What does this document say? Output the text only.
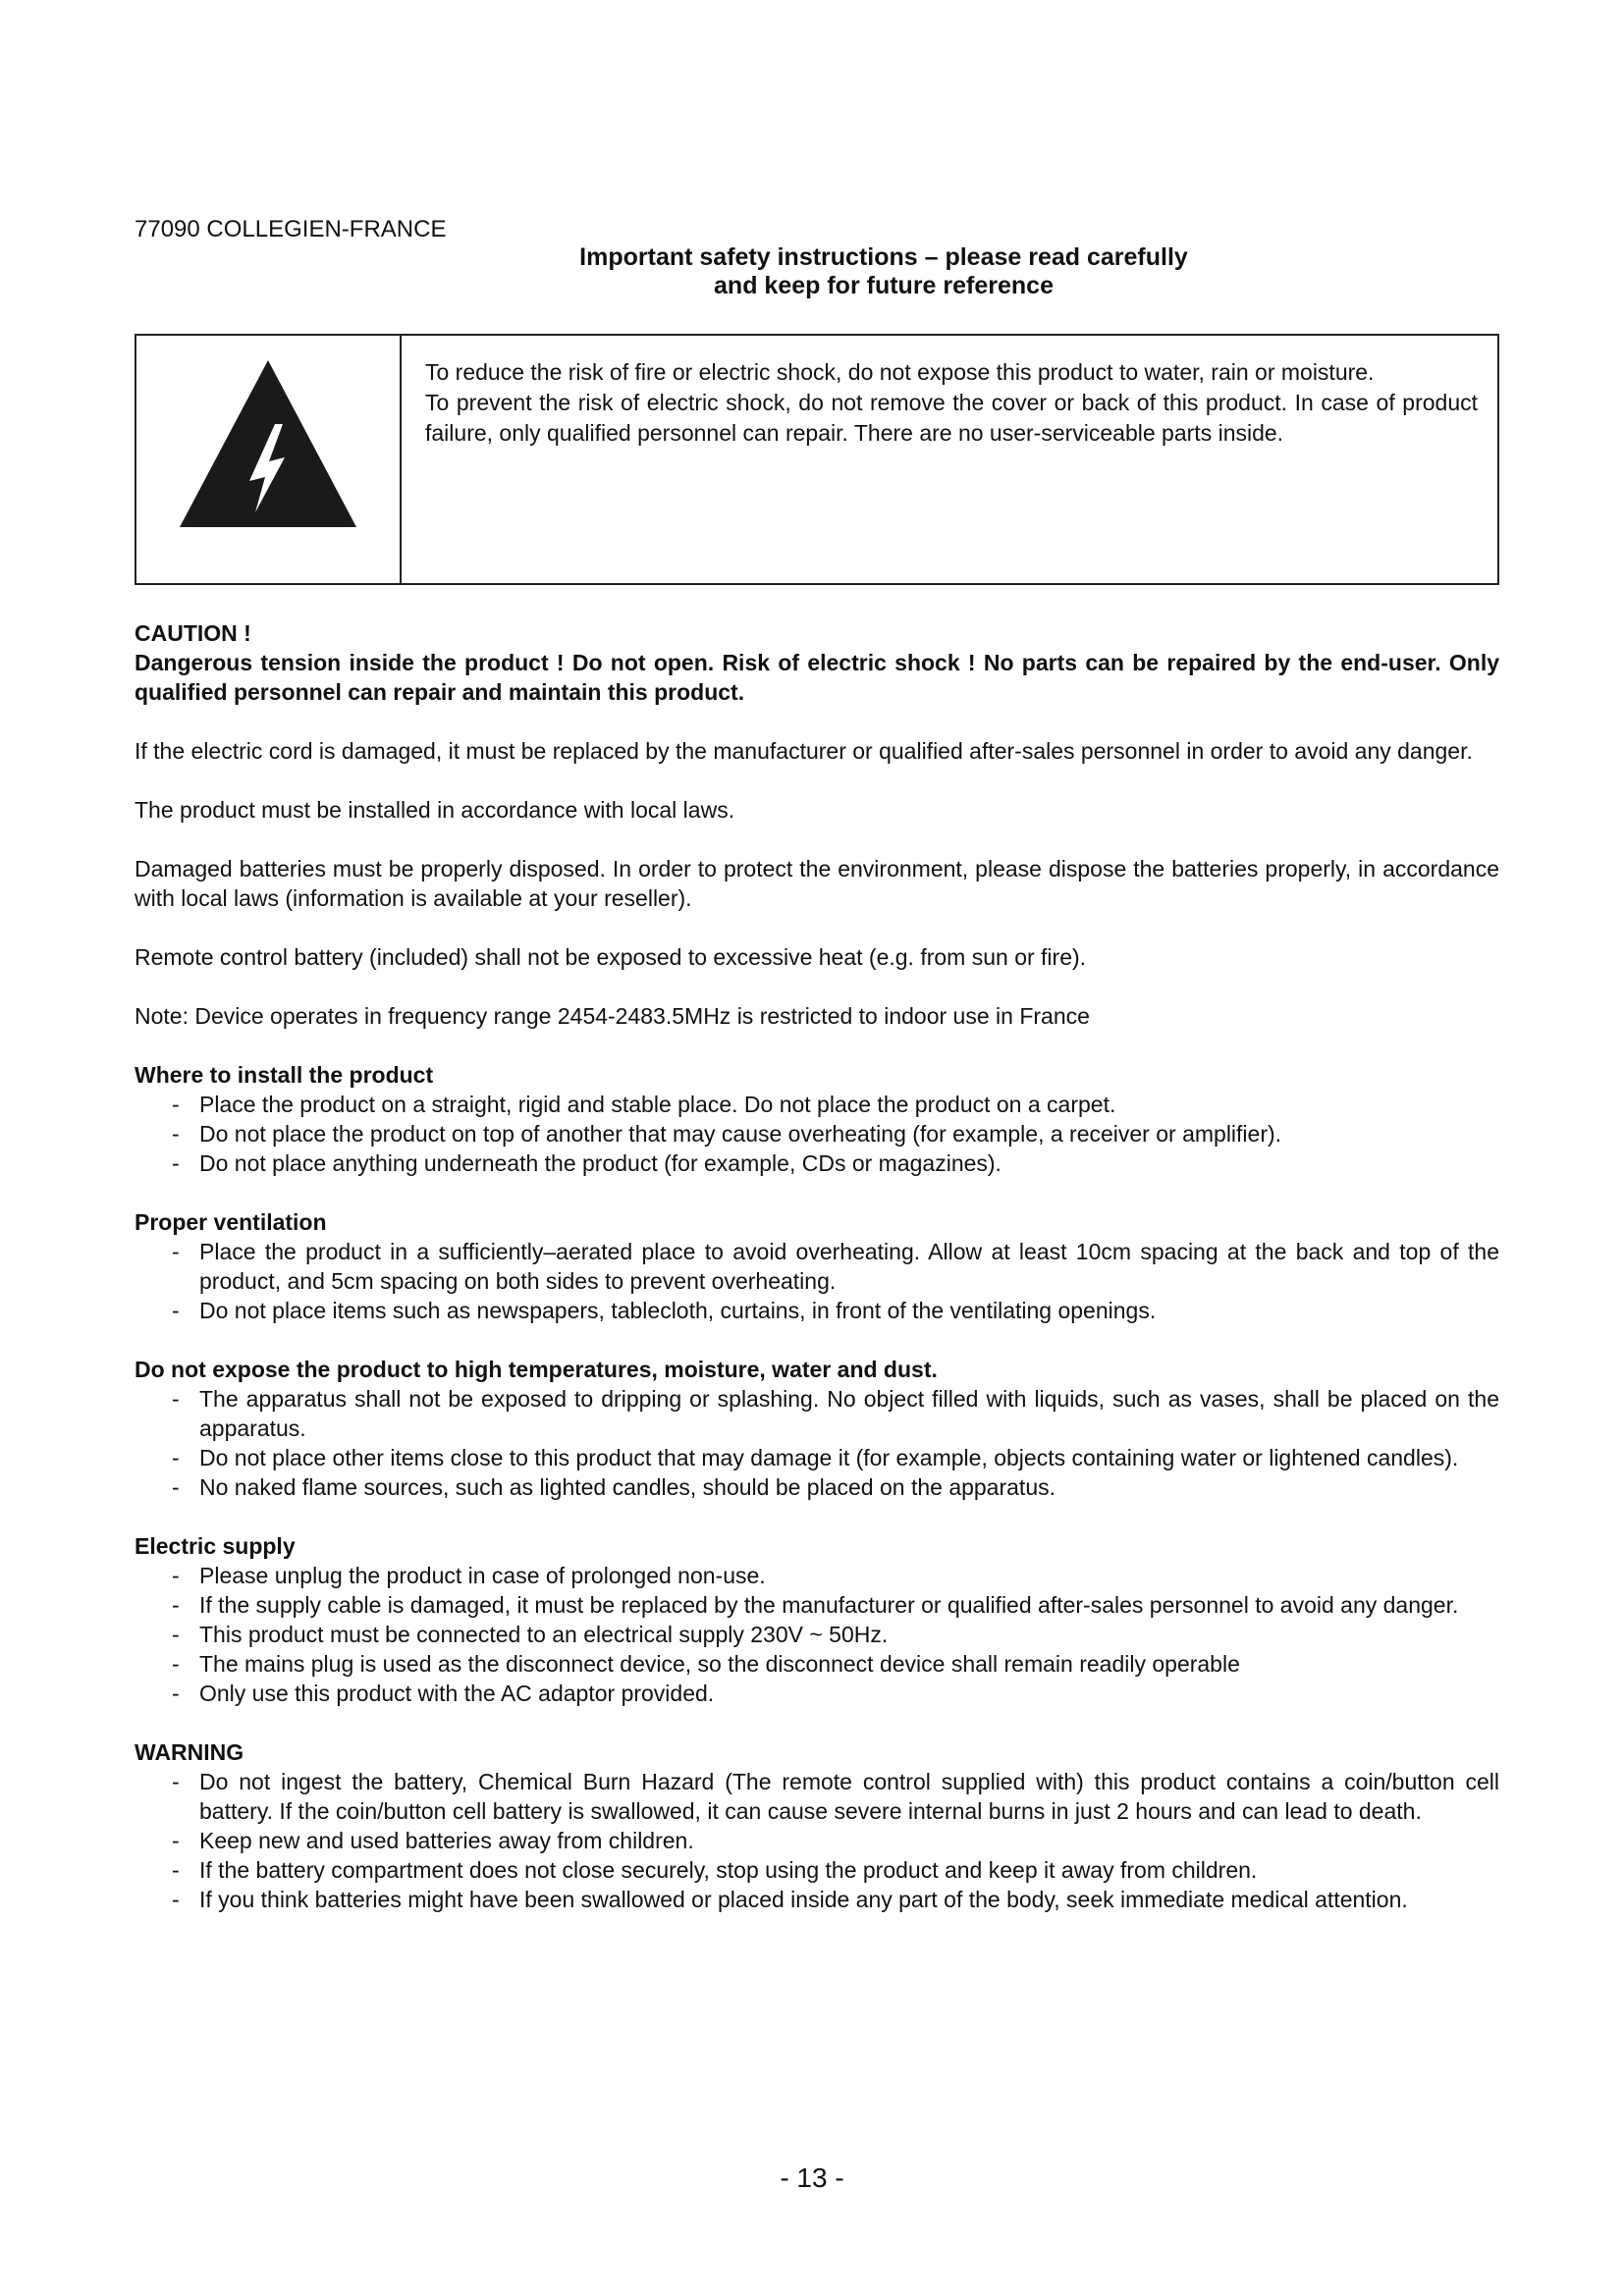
77090 COLLEGIEN-FRANCE

Important safety instructions – please read carefully

and keep for future reference

To reduce the risk of fire or electric shock, do not expose this product to water, rain or moisture.

To prevent the risk of electric shock, do not remove the cover or back of this product. In case of product failure, only qualified personnel can repair. There are no user-serviceable parts inside.

CAUTION !

Dangerous tension inside the product ! Do not open. Risk of electric shock ! No parts can be repaired by the end-user. Only qualified personnel can repair and maintain this product.

If the electric cord is damaged, it must be replaced by the manufacturer or qualified after-sales personnel in order to avoid any danger.

The product must be installed in accordance with local laws.

Damaged batteries must be properly disposed. In order to protect the environment, please dispose the batteries properly, in accordance with local laws (information is available at your reseller).

Remote control battery (included) shall not be exposed to excessive heat (e.g. from sun or fire).

Note: Device operates in frequency range 2454-2483.5MHz is restricted to indoor use in France

Where to install the product

- Place the product on a straight, rigid and stable place. Do not place the product on a carpet.
- Do not place the product on top of another that may cause overheating (for example, a receiver or amplifier).
- Do not place anything underneath the product (for example, CDs or magazines).

Proper ventilation

- Place the product in a sufficiently–aerated place to avoid overheating. Allow at least 10cm spacing at the back and top of the product, and 5cm spacing on both sides to prevent overheating.
- Do not place items such as newspapers, tablecloth, curtains, in front of the ventilating openings.

Do not expose the product to high temperatures, moisture, water and dust.

- The apparatus shall not be exposed to dripping or splashing. No object filled with liquids, such as vases, shall be placed on the apparatus.
- Do not place other items close to this product that may damage it (for example, objects containing water or lightened candles).
- No naked flame sources, such as lighted candles, should be placed on the apparatus.

Electric supply

- Please unplug the product in case of prolonged non-use.
- If the supply cable is damaged, it must be replaced by the manufacturer or qualified after-sales personnel to avoid any danger.
- This product must be connected to an electrical supply 230V ~ 50Hz.
- The mains plug is used as the disconnect device, so the disconnect device shall remain readily operable
- Only use this product with the AC adaptor provided.

WARNING

- Do not ingest the battery, Chemical Burn Hazard (The remote control supplied with) this product contains a coin/button cell battery. If the coin/button cell battery is swallowed, it can cause severe internal burns in just 2 hours and can lead to death.
- Keep new and used batteries away from children.
- If the battery compartment does not close securely, stop using the product and keep it away from children.
- If you think batteries might have been swallowed or placed inside any part of the body, seek immediate medical attention.
- 13 -
